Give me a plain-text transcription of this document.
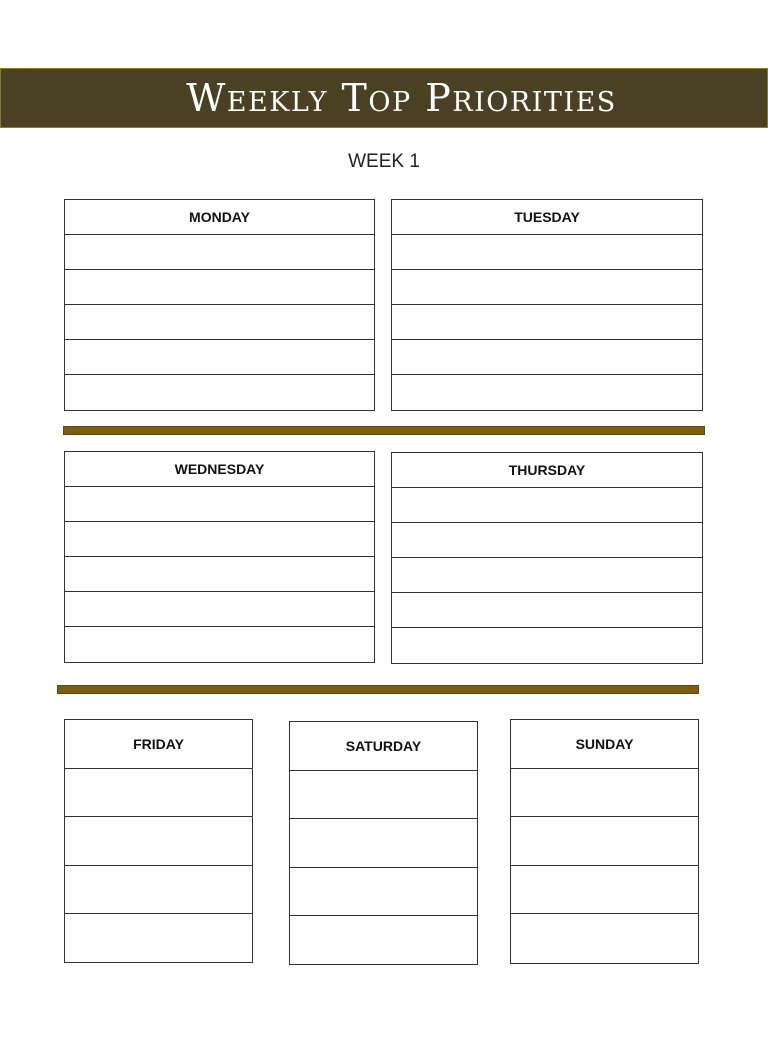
Weekly Top Priorities
WEEK 1
MONDAY	TUESDAY
WEDNESDAY	THURSDAY
FRIDAY	SATURDAY	SUNDAY
